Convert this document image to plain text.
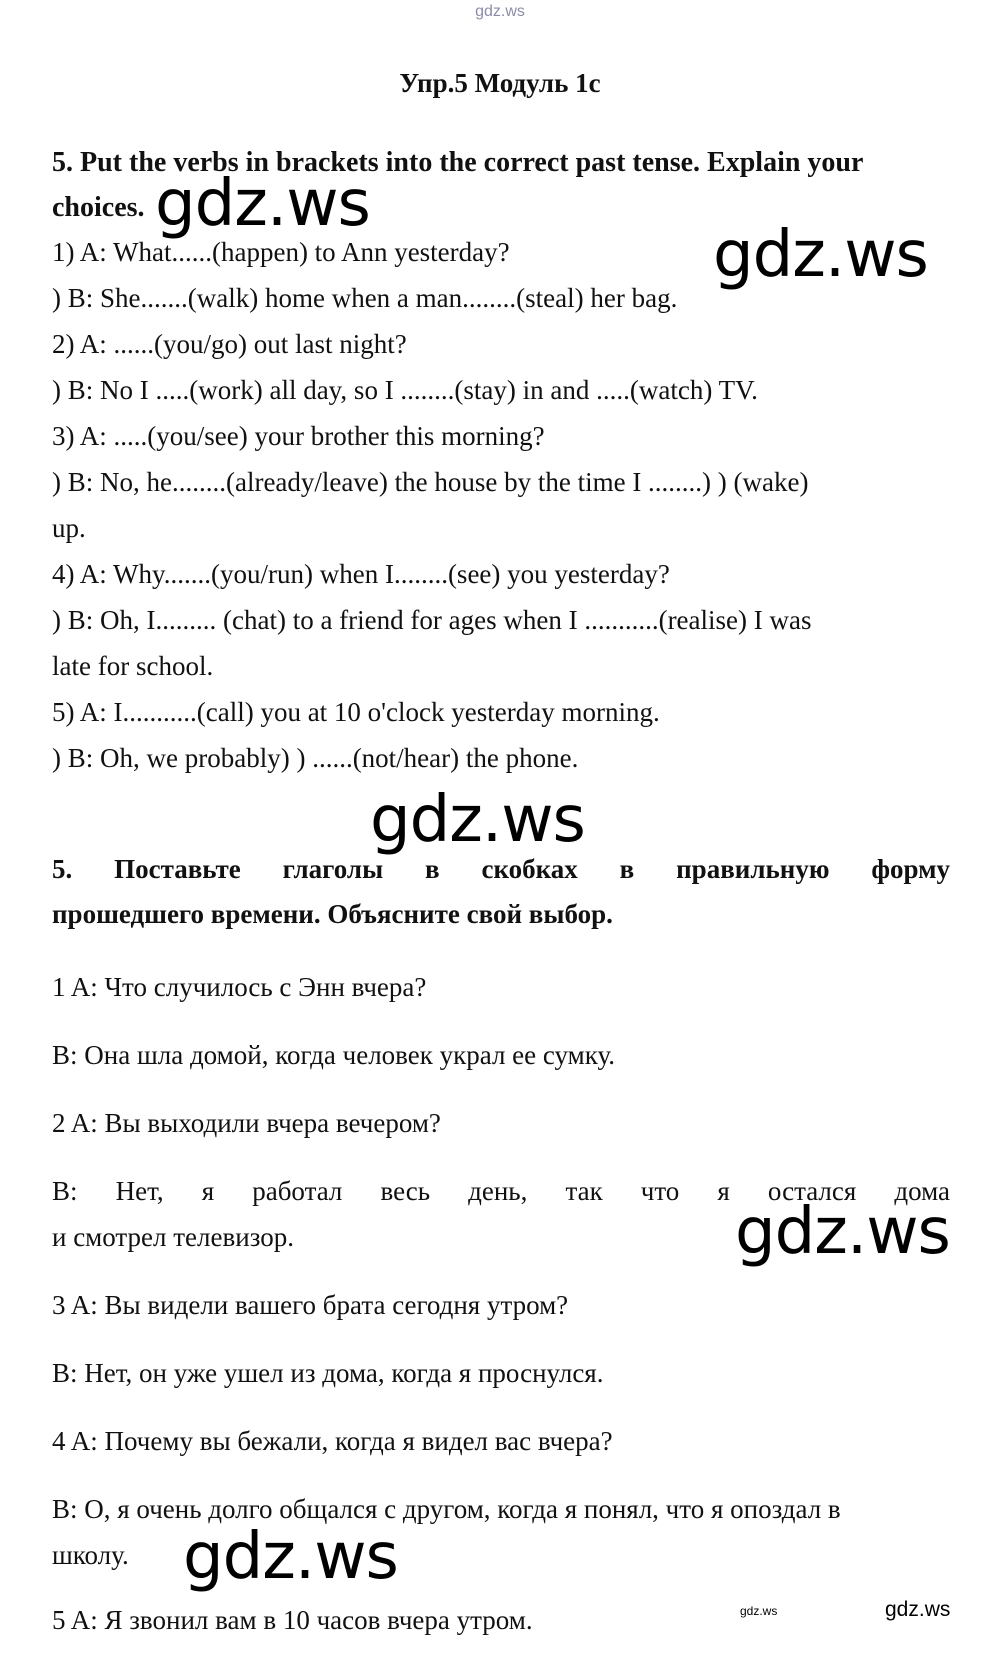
gdz.ws
Упр.5 Модуль 1с
5. Put the verbs in brackets into the correct past tense. Explain your
choices.
1) A: What......(happen) to Ann yesterday?
) B: She.......(walk) home when a man........(steal) her bag.
2) A: ......(you/go) out last night?
) B: No I .....(work) all day, so I ........(stay) in and .....(watch) TV.
3) A: .....(you/see) your brother this morning?
) B: No, he........(already/leave) the house by the time I ........) ) (wake)
up.
4) A: Why.......(you/run) when I........(see) you yesterday?
) B: Oh, I......... (chat) to a friend for ages when I ...........(realise) I was
late for school.
5) A: I...........(call) you at 10 o'clock yesterday morning.
) B: Oh, we probably) ) ......(not/hear) the phone.
5. Поставьте глаголы в скобках в правильную форму
прошедшего времени. Объясните свой выбор.
1 A: Что случилось с Энн вчера?
B: Она шла домой, когда человек украл ее сумку.
2 A: Вы выходили вчера вечером?
B: Нет, я работал весь день, так что я остался дома
и смотрел телевизор.
3 A: Вы видели вашего брата сегодня утром?
B: Нет, он уже ушел из дома, когда я проснулся.
4 A: Почему вы бежали, когда я видел вас вчера?
B: О, я очень долго общался с другом, когда я понял, что я опоздал в
школу.
5 A: Я звонил вам в 10 часов вчера утром.
gdz.ws
gdz.ws
gdz.ws
gdz.ws
gdz.ws
gdz.ws	gdz.ws
